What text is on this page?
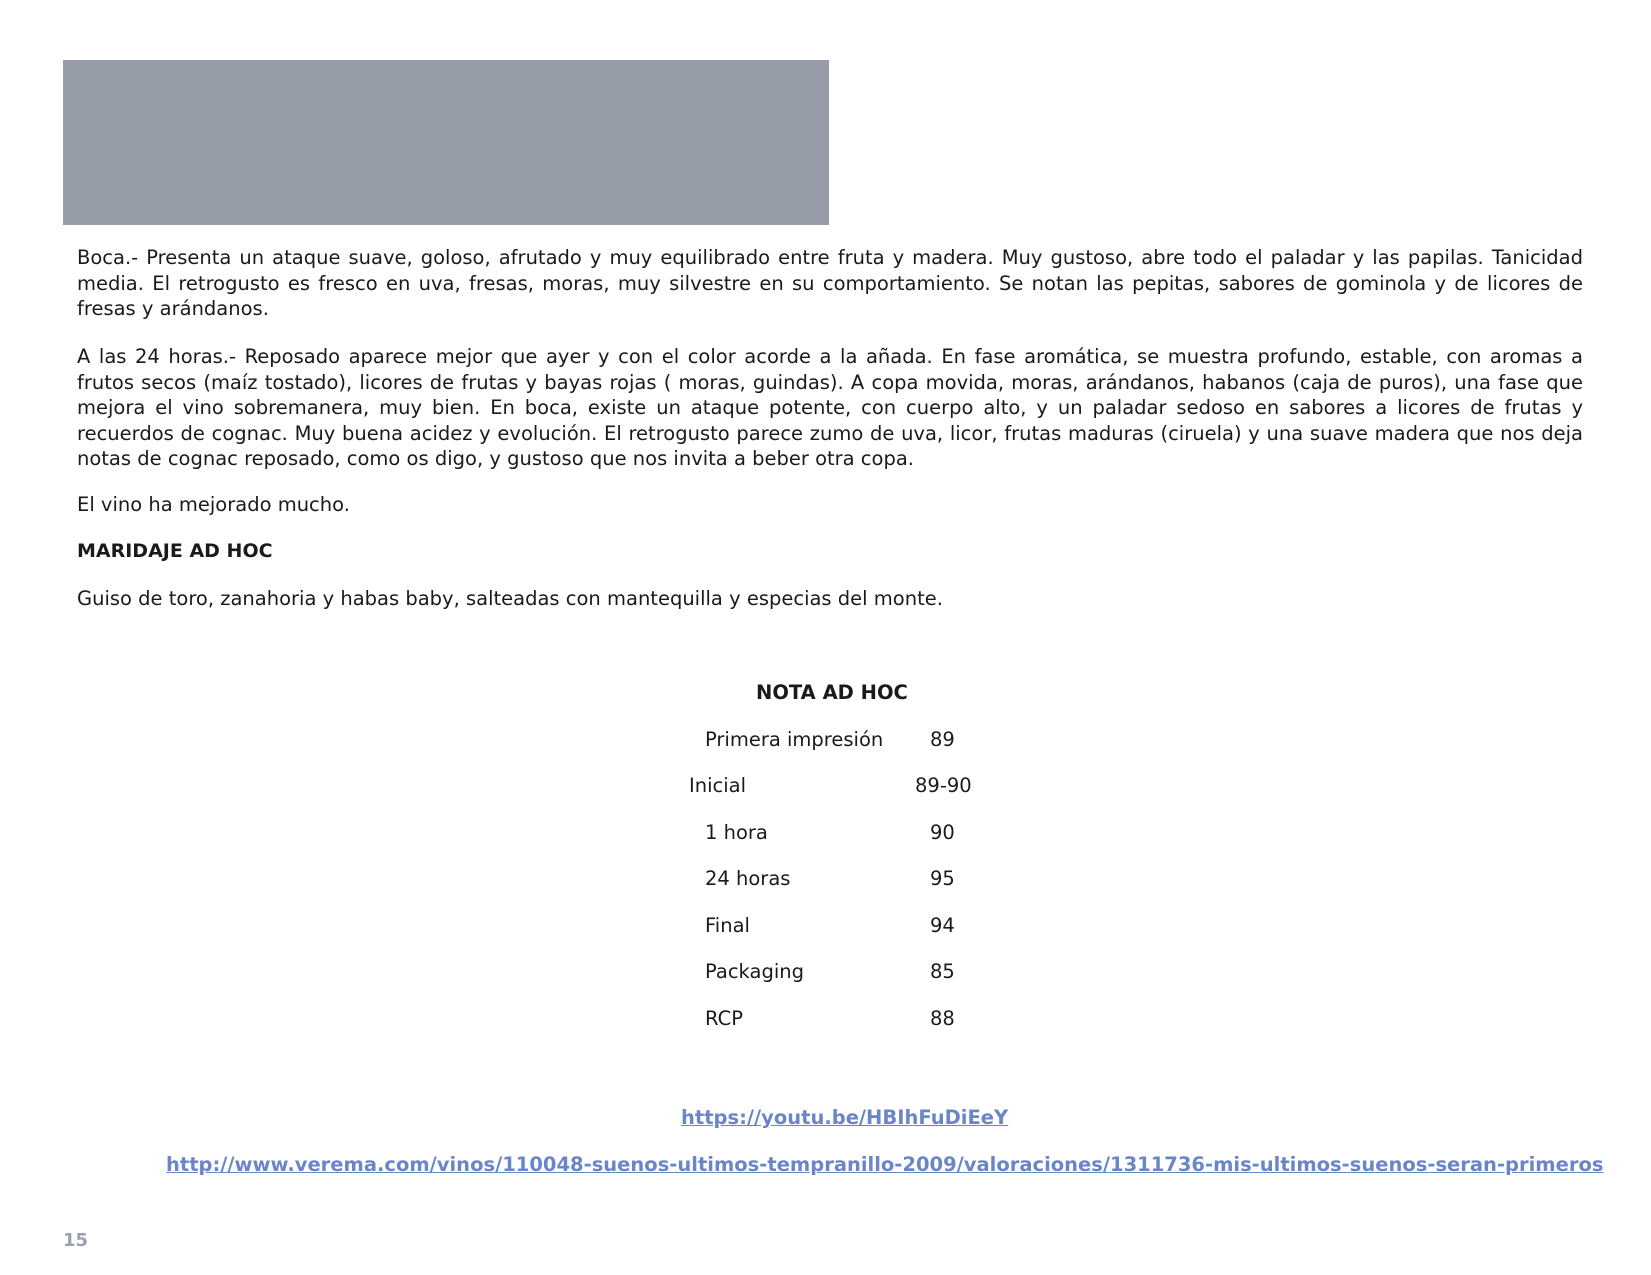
Boca.- Presenta un ataque suave, goloso, afrutado y muy equilibrado entre fruta y madera. Muy gustoso, abre todo el paladar y las papilas. Tanicidad media. El retrogusto es fresco en uva, fresas, moras, muy silvestre en su comportamiento. Se notan las pepitas, sabores de gominola y de licores de fresas y arándanos.

A las 24 horas.- Reposado aparece mejor que ayer y con el color acorde a la añada. En fase aromática, se muestra profundo, estable, con aromas a frutos secos (maíz tostado), licores de frutas y bayas rojas ( moras, guindas). A copa movida, moras, arándanos, habanos (caja de puros), una fase que mejora el vino sobremanera, muy bien. En boca, existe un ataque potente, con cuerpo alto, y un paladar sedoso en sabores a licores de frutas y recuerdos de cognac. Muy buena acidez y evolución. El retrogusto parece zumo de uva, licor, frutas maduras (ciruela) y una suave madera que nos deja notas de cognac reposado, como os digo, y gustoso que nos invita a beber otra copa.

El vino ha mejorado mucho.

MARIDAJE AD HOC

Guiso de toro, zanahoria y habas baby, salteadas con mantequilla y especias del monte.

NOTA AD HOC
Primera impresión 89
Inicial	89-90
1 hora	90
24 horas	95
Final	94
Packaging	85
RCP	88
https://youtu.be/HBIhFuDiEeY
http://www.verema.com/vinos/110048-suenos-ultimos-tempranillo-2009/valoraciones/1311736-mis-ultimos-suenos-seran-primeros
15
